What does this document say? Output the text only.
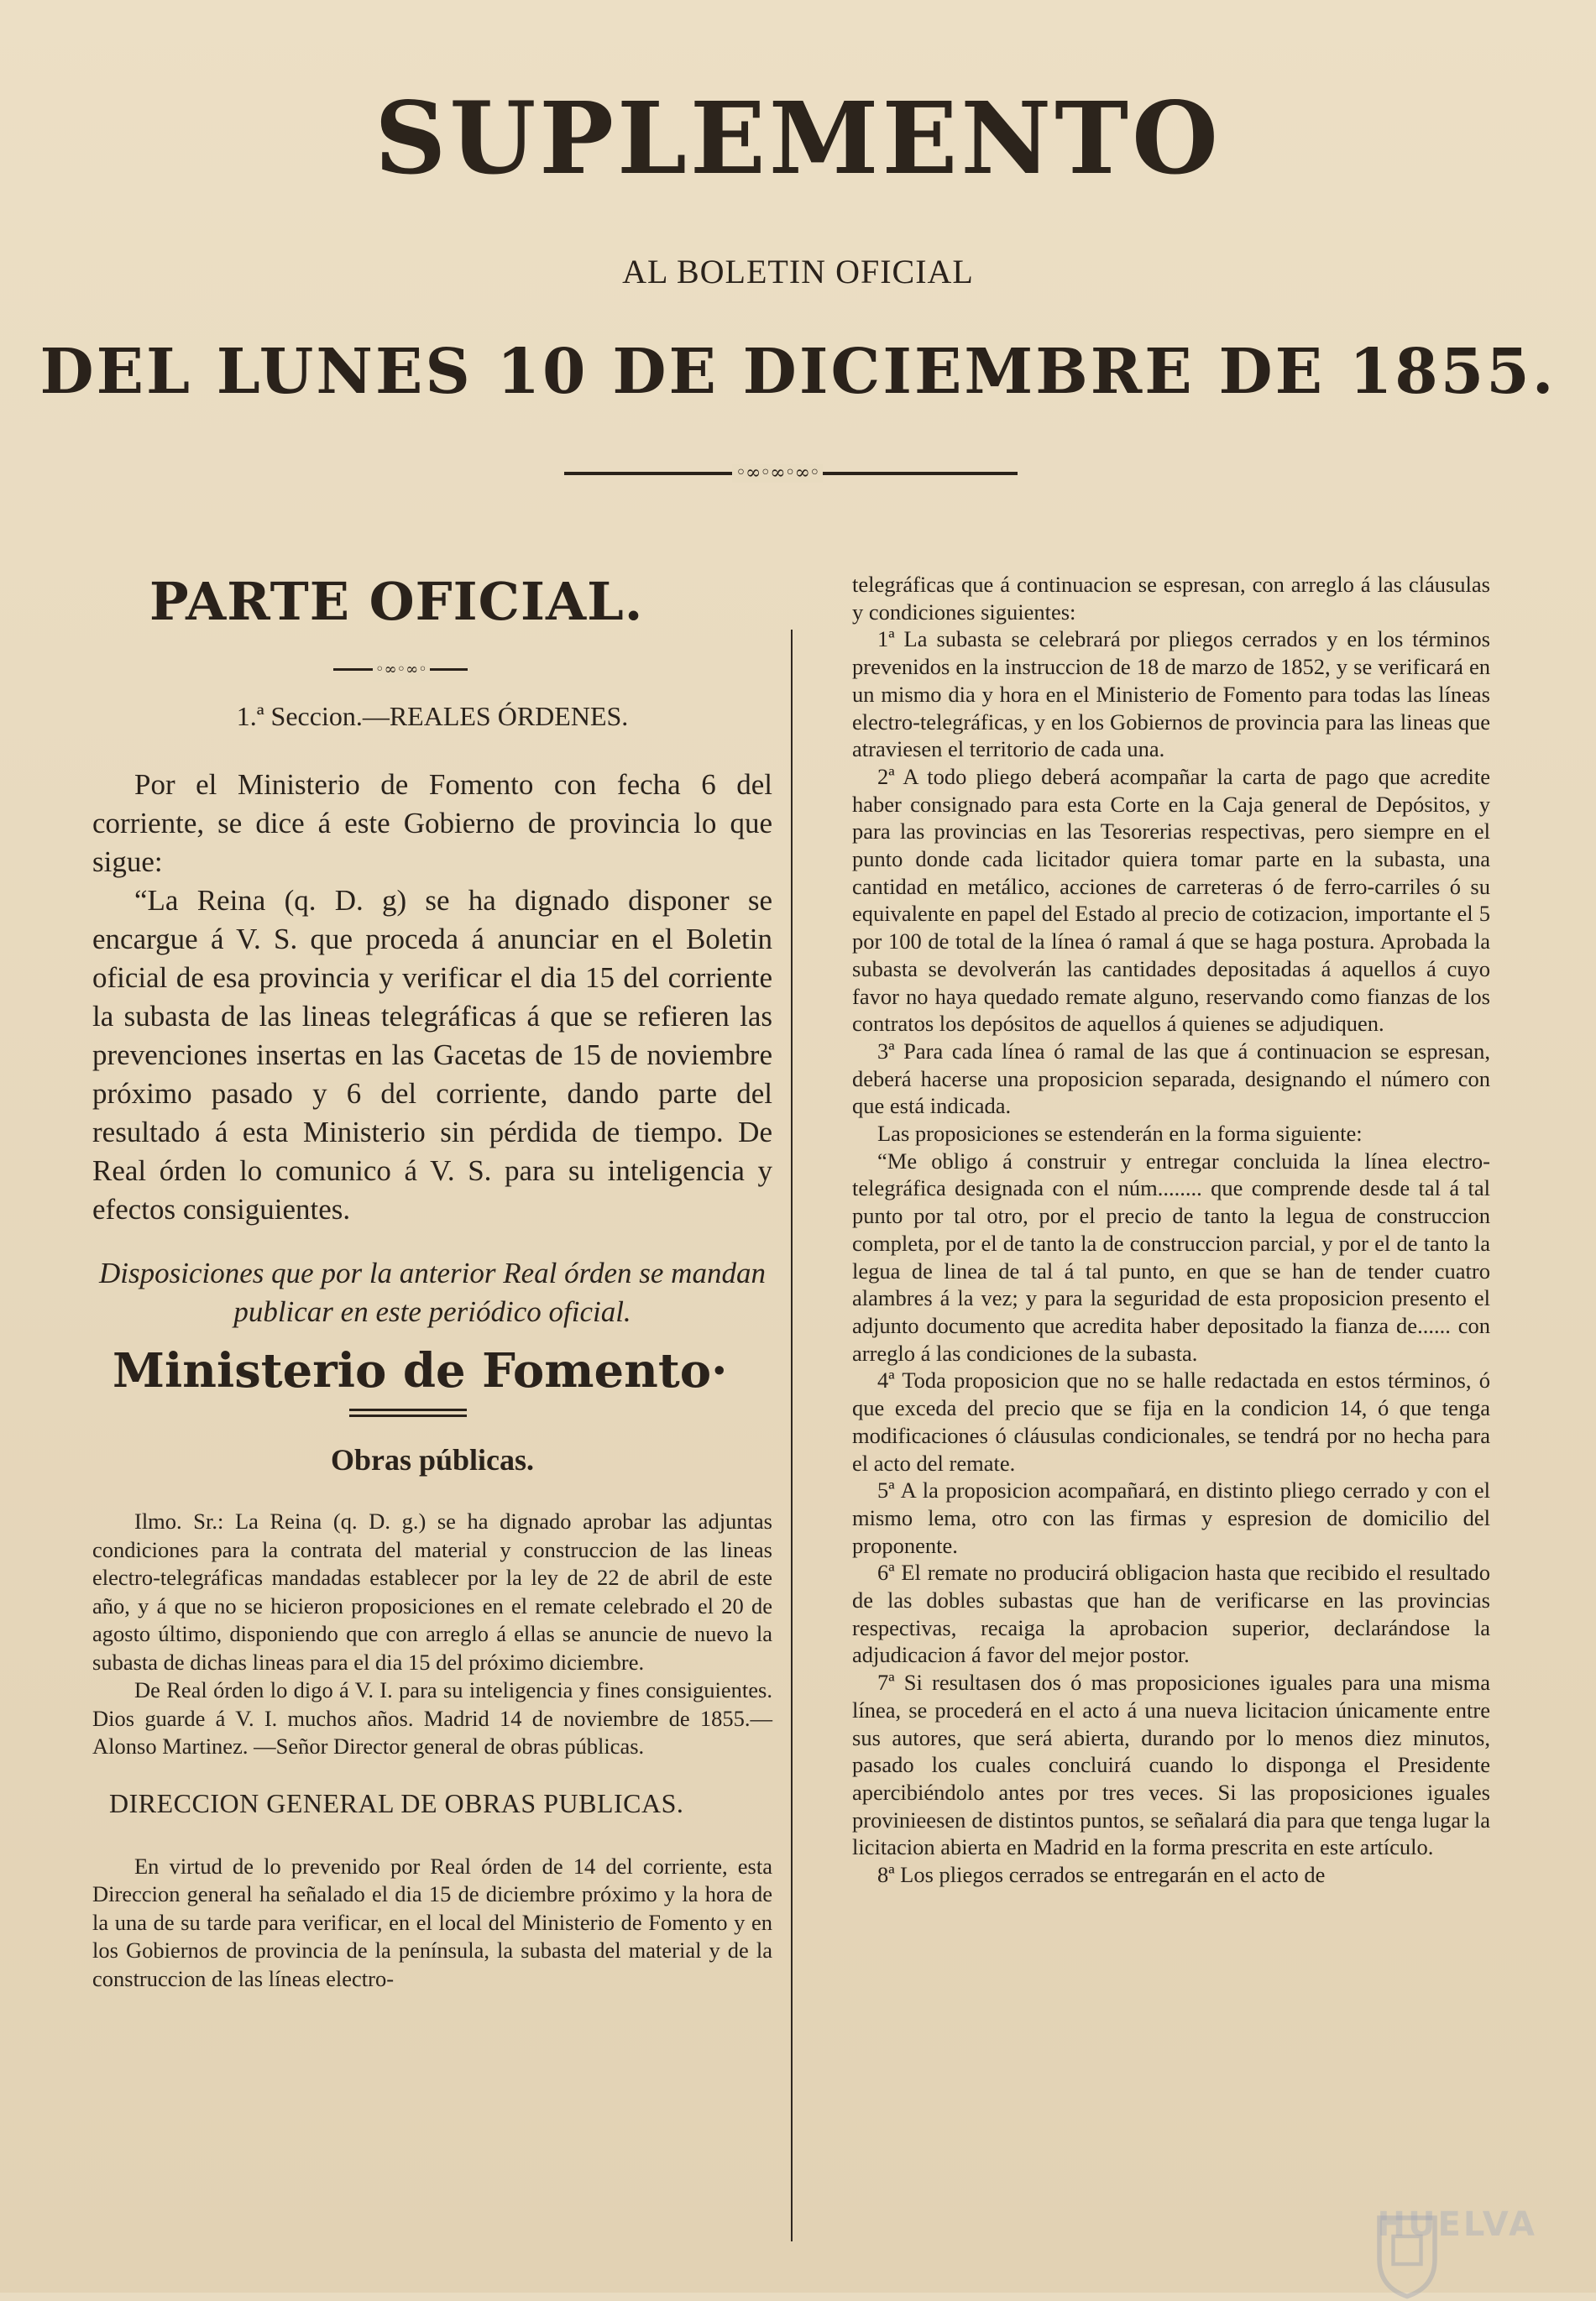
SUPLEMENTO
AL BOLETIN OFICIAL
DEL LUNES 10 DE DICIEMBRE DE 1855.
◦∞◦∞◦∞◦
PARTE OFICIAL.
◦∞◦∞◦
1.ª Seccion.—REALES ÓRDENES.

Por el Ministerio de Fomento con fecha 6 del corriente, se dice á este Gobierno de provincia lo que sigue:

“La Reina (q. D. g) se ha dignado disponer se encargue á V. S. que proceda á anunciar en el Boletin oficial de esa provincia y verificar el dia 15 del corriente la subasta de las lineas telegráficas á que se refieren las prevenciones insertas en las Gacetas de 15 de noviembre próximo pasado y 6 del corriente, dando parte del resultado á esta Ministerio sin pérdida de tiempo. De Real órden lo comunico á V. S. para su inteligencia y efectos consiguientes.

Disposiciones que por la anterior Real órden se mandan publicar en este periódico oficial.

Ministerio de Fomento·
Obras públicas.

Ilmo. Sr.: La Reina (q. D. g.) se ha dignado aprobar las adjuntas condiciones para la contrata del material y construccion de las lineas electro-telegráficas mandadas establecer por la ley de 22 de abril de este año, y á que no se hicieron proposiciones en el remate celebrado el 20 de agosto último, disponiendo que con arreglo á ellas se anuncie de nuevo la subasta de dichas lineas para el dia 15 del próximo diciembre.

De Real órden lo digo á V. I. para su inteligencia y fines consiguientes. Dios guarde á V. I. muchos años. Madrid 14 de noviembre de 1855.— Alonso Martinez. —Señor Director general de obras públicas.

DIRECCION GENERAL DE OBRAS PUBLICAS.

En virtud de lo prevenido por Real órden de 14 del corriente, esta Direccion general ha señalado el dia 15 de diciembre próximo y la hora de la una de su tarde para verificar, en el local del Ministerio de Fomento y en los Gobiernos de provincia de la península, la subasta del material y de la construccion de las líneas electro-

telegráficas que á continuacion se espresan, con arreglo á las cláusulas y condiciones siguientes:

1ª La subasta se celebrará por pliegos cerrados y en los términos prevenidos en la instruccion de 18 de marzo de 1852, y se verificará en un mismo dia y hora en el Ministerio de Fomento para todas las líneas electro-telegráficas, y en los Gobiernos de provincia para las lineas que atraviesen el territorio de cada una.

2ª A todo pliego deberá acompañar la carta de pago que acredite haber consignado para esta Corte en la Caja general de Depósitos, y para las provincias en las Tesorerias respectivas, pero siempre en el punto donde cada licitador quiera tomar parte en la subasta, una cantidad en metálico, acciones de carreteras ó de ferro-carriles ó su equivalente en papel del Estado al precio de cotizacion, importante el 5 por 100 de total de la línea ó ramal á que se haga postura. Aprobada la subasta se devolverán las cantidades depositadas á aquellos á cuyo favor no haya quedado remate alguno, reservando como fianzas de los contratos los depósitos de aquellos á quienes se adjudiquen.

3ª Para cada línea ó ramal de las que á continuacion se espresan, deberá hacerse una proposicion separada, designando el número con que está indicada.

Las proposiciones se estenderán en la forma siguiente:

“Me obligo á construir y entregar concluida la línea electro-telegráfica designada con el núm........ que comprende desde tal á tal punto por tal otro, por el precio de tanto la legua de construccion completa, por el de tanto la de construccion parcial, y por el de tanto la legua de linea de tal á tal punto, en que se han de tender cuatro alambres á la vez; y para la seguridad de esta proposicion presento el adjunto documento que acredita haber depositado la fianza de...... con arreglo á las condiciones de la subasta.

4ª Toda proposicion que no se halle redactada en estos términos, ó que exceda del precio que se fija en la condicion 14, ó que tenga modificaciones ó cláusulas condicionales, se tendrá por no hecha para el acto del remate.

5ª A la proposicion acompañará, en distinto pliego cerrado y con el mismo lema, otro con las firmas y espresion de domicilio del proponente.

6ª El remate no producirá obligacion hasta que recibido el resultado de las dobles subastas que han de verificarse en las provincias respectivas, recaiga la aprobacion superior, declarándose la adjudicacion á favor del mejor postor.

7ª Si resultasen dos ó mas proposiciones iguales para una misma línea, se procederá en el acto á una nueva licitacion únicamente entre sus autores, que será abierta, durando por lo menos diez minutos, pasado los cuales concluirá cuando lo disponga el Presidente apercibiéndolo antes por tres veces. Si las proposiciones iguales provinieesen de distintos puntos, se señalará dia para que tenga lugar la licitacion abierta en Madrid en la forma prescrita en este artículo.

8ª Los pliegos cerrados se entregarán en el acto de

HUELVA
